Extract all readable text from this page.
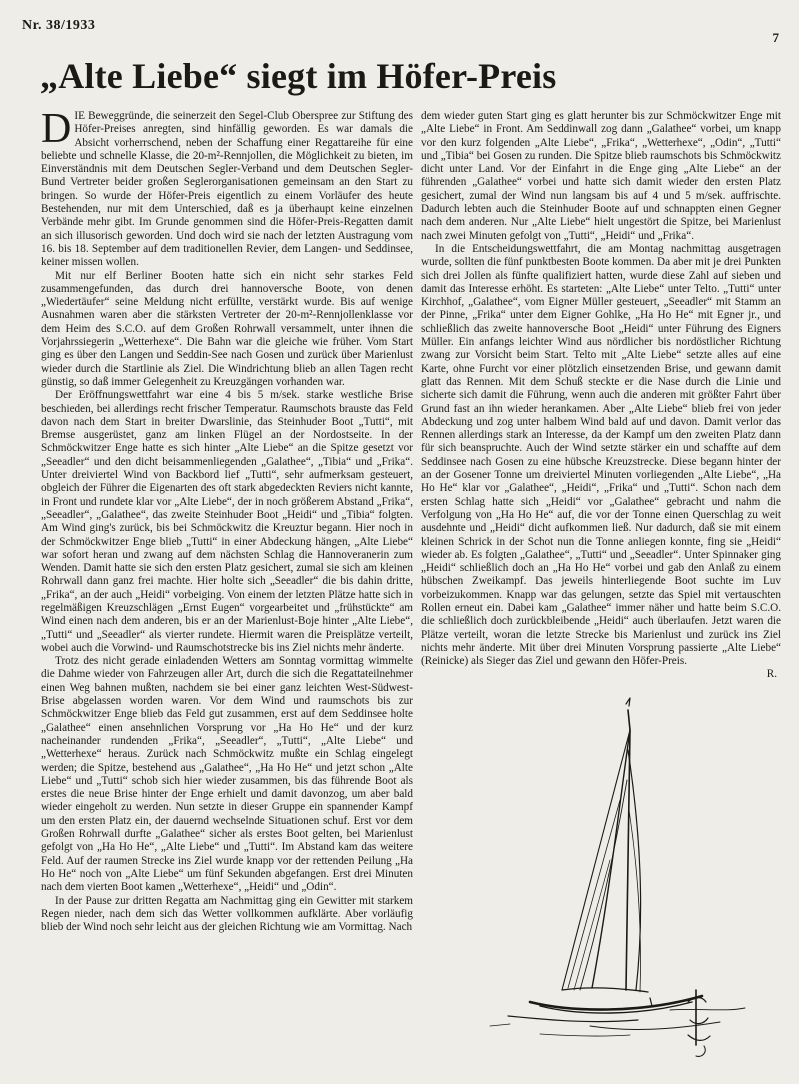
Nr. 38/1933
7
„Alte Liebe“ siegt im Höfer-Preis

DIE Beweggründe, die seinerzeit den Segel-Club Oberspree zur Stiftung des Höfer-Preises anregten, sind hinfällig geworden. Es war damals die Absicht vorherrschend, neben der Schaffung einer Regattareihe für eine beliebte und schnelle Klasse, die 20-m²-Rennjollen, die Möglichkeit zu bieten, im Einverständnis mit dem Deutschen Segler-Verband und dem Deutschen Segler-Bund Vertreter beider großen Seglerorganisationen gemeinsam an den Start zu bringen. So wurde der Höfer-Preis eigentlich zu einem Vorläufer des heute Bestehenden, nur mit dem Unterschied, daß es ja überhaupt keine einzelnen Verbände mehr gibt. Im Grunde genommen sind die Höfer-Preis-Regatten damit an sich illusorisch geworden. Und doch wird sie nach der letzten Austragung vom 16. bis 18. September auf dem traditionellen Revier, dem Langen- und Seddinsee, keiner missen wollen.

Mit nur elf Berliner Booten hatte sich ein nicht sehr starkes Feld zusammengefunden, das durch drei hannoversche Boote, von denen „Wiedertäufer“ seine Meldung nicht erfüllte, verstärkt wurde. Bis auf wenige Ausnahmen waren aber die stärksten Vertreter der 20-m²-Rennjollenklasse vor dem Heim des S.C.O. auf dem Großen Rohrwall versammelt, unter ihnen die Vorjahrssiegerin „Wetterhexe“. Die Bahn war die gleiche wie früher. Vom Start ging es über den Langen und Seddin-See nach Gosen und zurück über Marienlust wieder durch die Startlinie als Ziel. Die Windrichtung blieb an allen Tagen recht günstig, so daß immer Gelegenheit zu Kreuzgängen vorhanden war.

Der Eröffnungswettfahrt war eine 4 bis 5 m/sek. starke westliche Brise beschieden, bei allerdings recht frischer Temperatur. Raumschots brauste das Feld davon nach dem Start in breiter Dwarslinie, das Steinhuder Boot „Tutti“, mit Bremse ausgerüstet, ganz am linken Flügel an der Nordostseite. In der Schmöckwitzer Enge hatte es sich hinter „Alte Liebe“ an die Spitze gesetzt vor „Seeadler“ und den dicht beisammenliegenden „Galathee“, „Tibia“ und „Frika“. Unter dreiviertel Wind von Backbord lief „Tutti“, sehr aufmerksam gesteuert, obgleich der Führer die Eigenarten des oft stark abgedeckten Reviers nicht kannte, in Front und rundete klar vor „Alte Liebe“, der in noch größerem Abstand „Frika“, „Seeadler“, „Galathee“, das zweite Steinhuder Boot „Heidi“ und „Tibia“ folgten. Am Wind ging's zurück, bis bei Schmöckwitz die Kreuztur begann. Hier noch in der Schmöckwitzer Enge blieb „Tutti“ in einer Abdeckung hängen, „Alte Liebe“ war sofort heran und zwang auf dem nächsten Schlag die Hannoveranerin zum Wenden. Damit hatte sie sich den ersten Platz gesichert, zumal sie sich am kleinen Rohrwall dann ganz frei machte. Hier holte sich „Seeadler“ die bis dahin dritte, „Frika“, an der auch „Heidi“ vorbeiging. Von einem der letzten Plätze hatte sich in regelmäßigen Kreuzschlägen „Ernst Eugen“ vorgearbeitet und „frühstückte“ am Wind einen nach dem anderen, bis er an der Marienlust-Boje hinter „Alte Liebe“, „Tutti“ und „Seeadler“ als vierter rundete. Hiermit waren die Preisplätze verteilt, wobei auch die Vorwind- und Raumschotstrecke bis ins Ziel nichts mehr änderte.

Trotz des nicht gerade einladenden Wetters am Sonntag vormittag wimmelte die Dahme wieder von Fahrzeugen aller Art, durch die sich die Regattateilnehmer einen Weg bahnen mußten, nachdem sie bei einer ganz leichten West-Südwest-Brise abgelassen worden waren. Vor dem Wind und raumschots bis zur Schmöckwitzer Enge blieb das Feld gut zusammen, erst auf dem Seddinsee holte „Galathee“ einen ansehnlichen Vorsprung vor „Ha Ho He“ und der kurz nacheinander rundenden „Frika“, „Seeadler“, „Tutti“, „Alte Liebe“ und „Wetterhexe“ heraus. Zurück nach Schmöckwitz mußte ein Schlag eingelegt werden; die Spitze, bestehend aus „Galathee“, „Ha Ho He“ und jetzt schon „Alte Liebe“ und „Tutti“ schob sich hier wieder zusammen, bis das führende Boot als erstes die neue Brise hinter der Enge erhielt und damit davonzog, um aber bald wieder eingeholt zu werden. Nun setzte in dieser Gruppe ein spannender Kampf um den ersten Platz ein, der dauernd wechselnde Situationen schuf. Erst vor dem Großen Rohrwall durfte „Galathee“ sicher als erstes Boot gelten, bei Marienlust gefolgt von „Ha Ho He“, „Alte Liebe“ und „Tutti“. Im Abstand kam das weitere Feld. Auf der raumen Strecke ins Ziel wurde knapp vor der rettenden Peilung „Ha Ho He“ noch von „Alte Liebe“ um fünf Sekunden abgefangen. Erst drei Minuten nach dem vierten Boot kamen „Wetterhexe“, „Heidi“ und „Odin“.

In der Pause zur dritten Regatta am Nachmittag ging ein Gewitter mit starkem Regen nieder, nach dem sich das Wetter vollkommen aufklärte. Aber vorläufig blieb der Wind noch sehr leicht aus der gleichen Richtung wie am Vormittag. Nach

dem wieder guten Start ging es glatt herunter bis zur Schmöckwitzer Enge mit „Alte Liebe“ in Front. Am Seddinwall zog dann „Galathee“ vorbei, um knapp vor den kurz folgenden „Alte Liebe“, „Frika“, „Wetterhexe“, „Odin“, „Tutti“ und „Tibia“ bei Gosen zu runden. Die Spitze blieb raumschots bis Schmöckwitz dicht unter Land. Vor der Einfahrt in die Enge ging „Alte Liebe“ an der führenden „Galathee“ vorbei und hatte sich damit wieder den ersten Platz gesichert, zumal der Wind nun langsam bis auf 4 und 5 m/sek. auffrischte. Dadurch lebten auch die Steinhuder Boote auf und schnappten einen Gegner nach dem anderen. Nur „Alte Liebe“ hielt ungestört die Spitze, bei Marienlust nach zwei Minuten gefolgt von „Tutti“, „Heidi“ und „Frika“.

In die Entscheidungswettfahrt, die am Montag nachmittag ausgetragen wurde, sollten die fünf punktbesten Boote kommen. Da aber mit je drei Punkten sich drei Jollen als fünfte qualifiziert hatten, wurde diese Zahl auf sieben und damit das Interesse erhöht. Es starteten: „Alte Liebe“ unter Telto. „Tutti“ unter Kirchhof, „Galathee“, vom Eigner Müller gesteuert, „Seeadler“ mit Stamm an der Pinne, „Frika“ unter dem Eigner Gohlke, „Ha Ho He“ mit Egner jr., und schließlich das zweite hannoversche Boot „Heidi“ unter Führung des Eigners Müller. Ein anfangs leichter Wind aus nördlicher bis nordöstlicher Richtung zwang zur Vorsicht beim Start. Telto mit „Alte Liebe“ setzte alles auf eine Karte, ohne Furcht vor einer plötzlich einsetzenden Brise, und gewann damit glatt das Rennen. Mit dem Schuß steckte er die Nase durch die Linie und sicherte sich damit die Führung, wenn auch die anderen mit größter Fahrt über Grund fast an ihn wieder herankamen. Aber „Alte Liebe“ blieb frei von jeder Abdeckung und zog unter halbem Wind bald auf und davon. Damit verlor das Rennen allerdings stark an Interesse, da der Kampf um den zweiten Platz dann für sich beanspruchte. Auch der Wind setzte stärker ein und schaffte auf dem Seddinsee nach Gosen zu eine hübsche Kreuzstrecke. Diese begann hinter der an der Gosener Tonne um dreiviertel Minuten vorliegenden „Alte Liebe“, „Ha Ho He“ klar vor „Galathee“, „Heidi“, „Frika“ und „Tutti“. Schon nach dem ersten Schlag hatte sich „Heidi“ vor „Galathee“ gebracht und nahm die Verfolgung von „Ha Ho He“ auf, die vor der Tonne einen Querschlag zu weit ausdehnte und „Heidi“ dicht aufkommen ließ. Nur dadurch, daß sie mit einem kleinen Schrick in der Schot nun die Tonne anliegen konnte, fing sie „Heidi“ wieder ab. Es folgten „Galathee“, „Tutti“ und „Seeadler“. Unter Spinnaker ging „Heidi“ schließlich doch an „Ha Ho He“ vorbei und gab den Anlaß zu einem hübschen Zweikampf. Das jeweils hinterliegende Boot suchte im Luv vorbeizukommen. Knapp war das gelungen, setzte das Spiel mit vertauschten Rollen erneut ein. Dabei kam „Galathee“ immer näher und hatte beim S.C.O. die schließlich doch zurückbleibende „Heidi“ auch überlaufen. Jetzt waren die Plätze verteilt, woran die letzte Strecke bis Marienlust und zurück ins Ziel nichts mehr änderte. Mit über drei Minuten Vorsprung passierte „Alte Liebe“ (Reinicke) als Sieger das Ziel und gewann den Höfer-Preis.

R.
